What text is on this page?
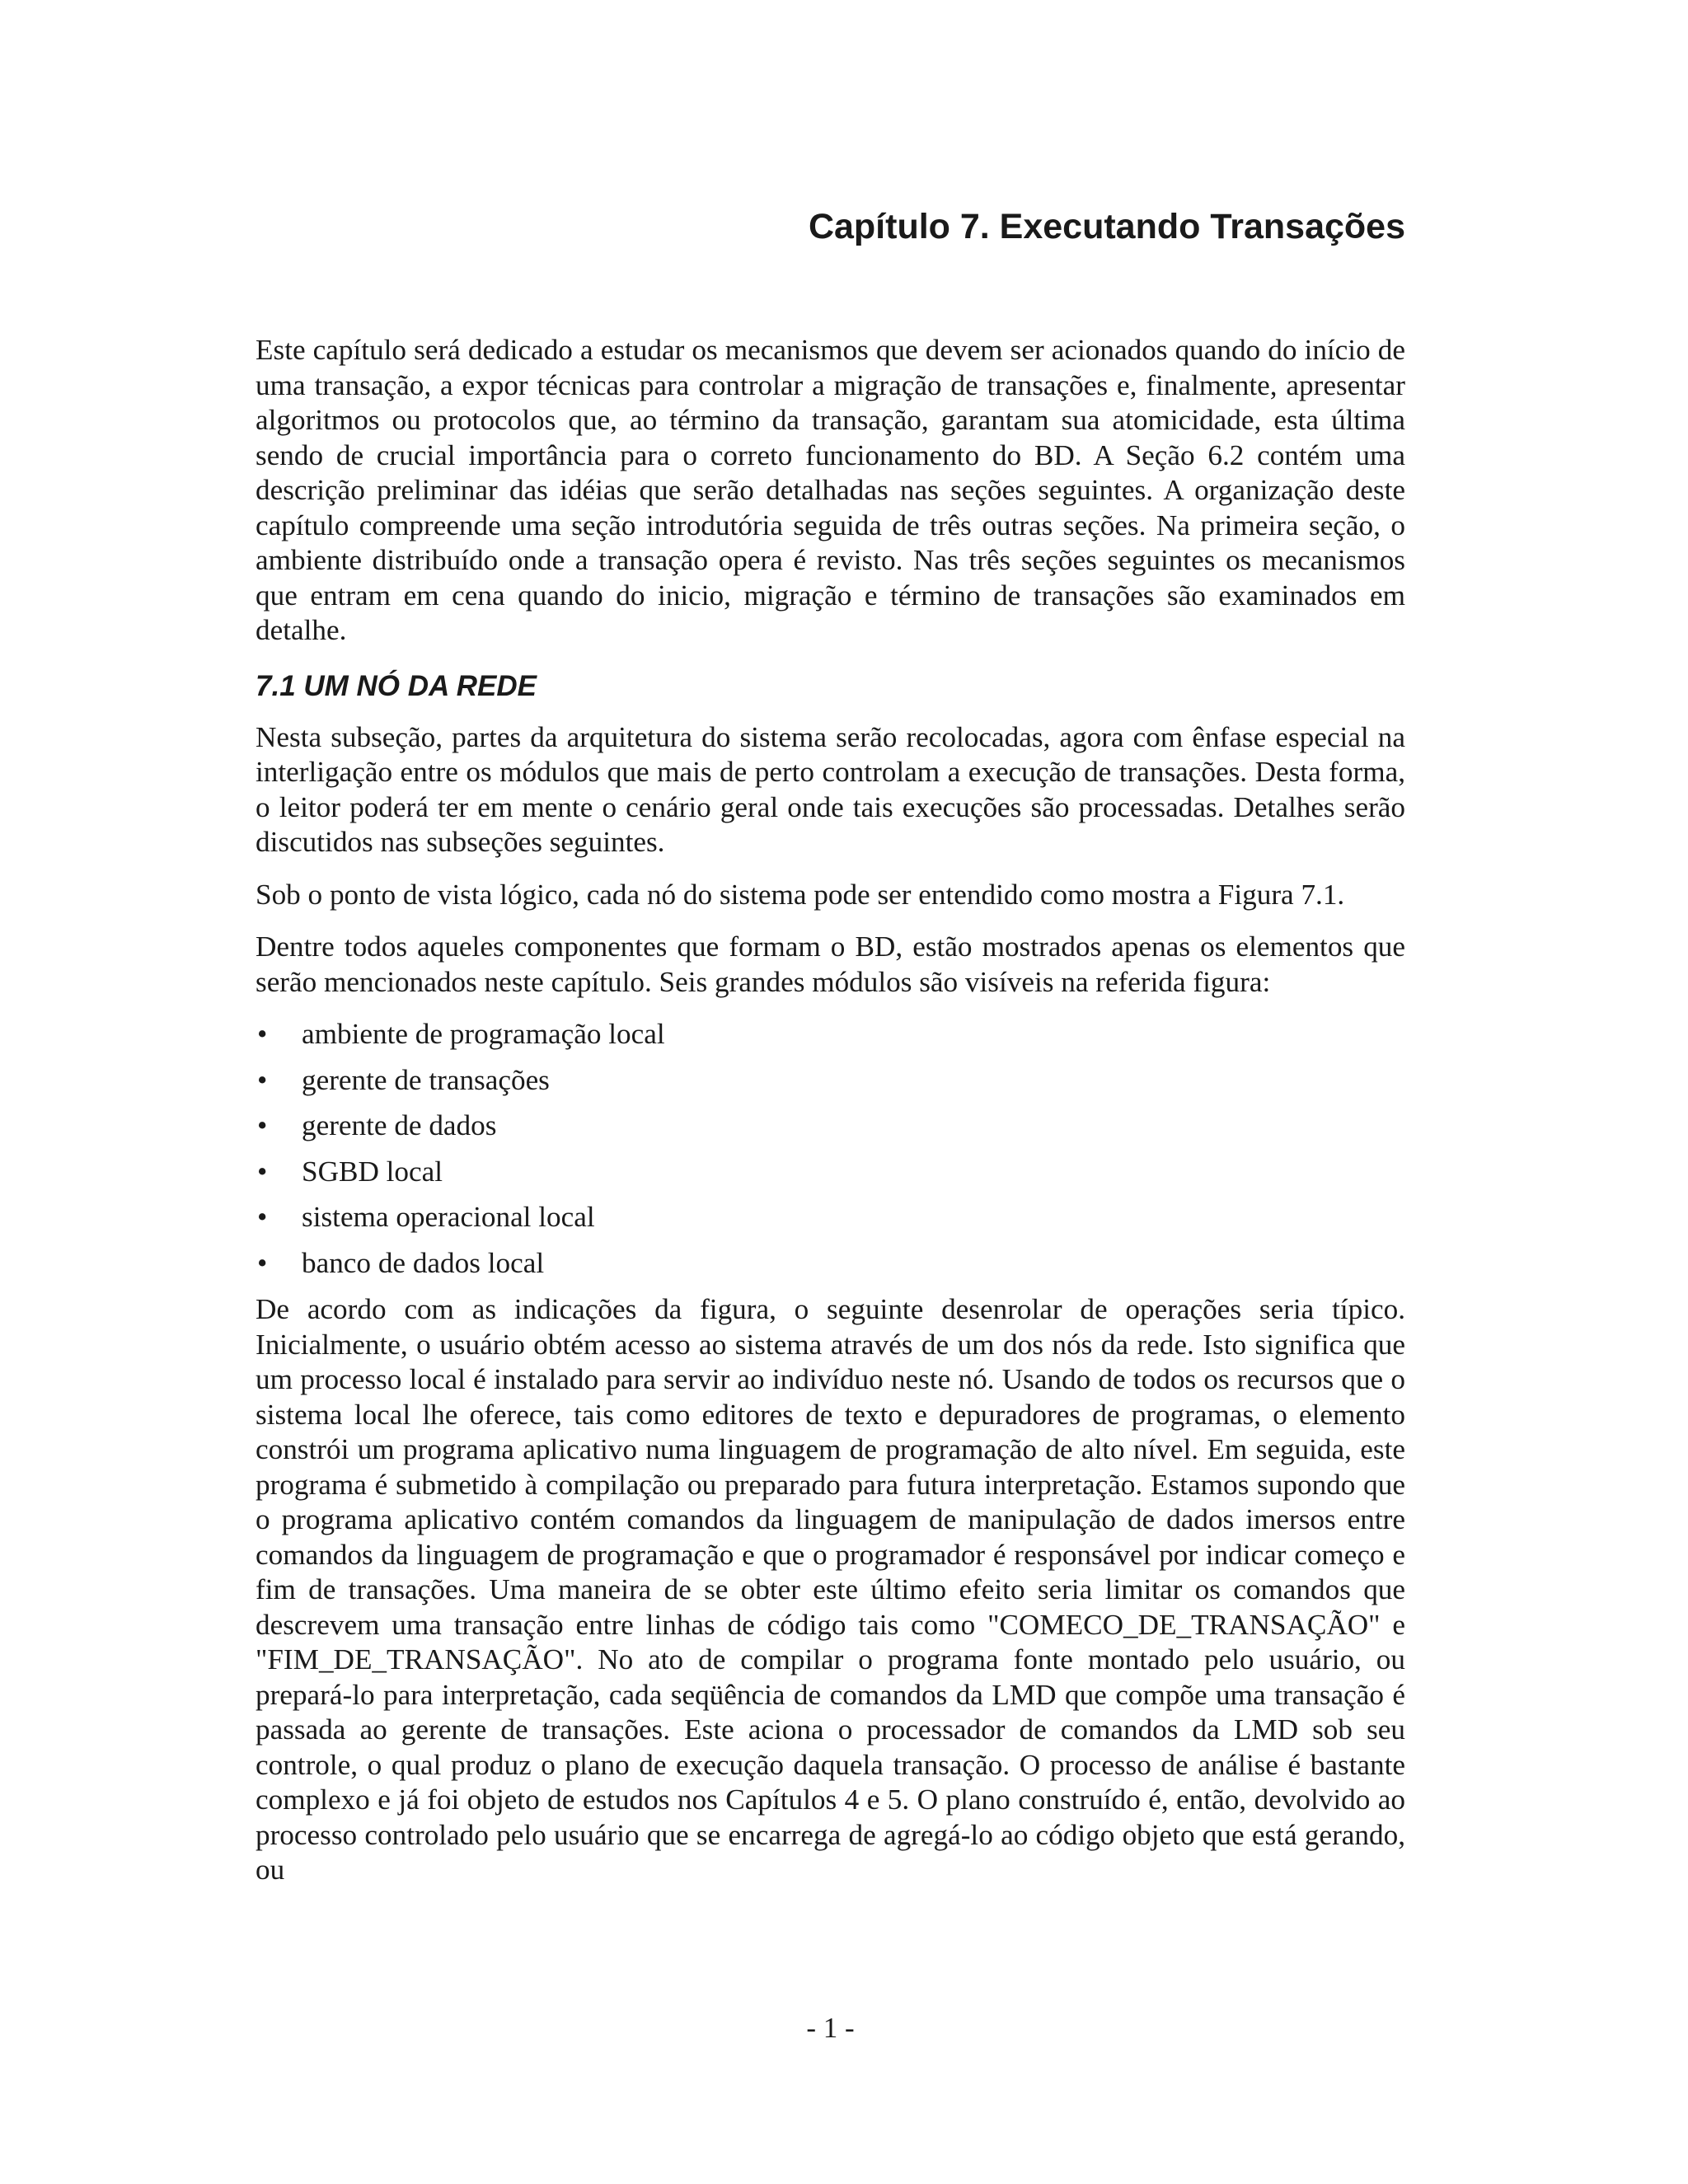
Capítulo 7. Executando Transações

Este capítulo será dedicado a estudar os mecanismos que devem ser acionados quando do início de uma transação, a expor técnicas para controlar a migração de transações e, finalmente, apresentar algoritmos ou protocolos que, ao término da transação, garantam sua atomicidade, esta última sendo de crucial importância para o correto funcionamento do BD. A Seção 6.2 contém uma descrição preliminar das idéias que serão detalhadas nas seções seguintes. A organização deste capítulo compreende uma seção introdutória seguida de três outras seções. Na primeira seção, o ambiente distribuído onde a transação opera é revisto. Nas três seções seguintes os mecanismos que entram em cena quando do inicio, migração e término de transações são examinados em detalhe.

7.1 UM NÓ DA REDE

Nesta subseção, partes da arquitetura do sistema serão recolocadas, agora com ênfase especial na interligação entre os módulos que mais de perto controlam a execução de transações. Desta forma, o leitor poderá ter em mente o cenário geral onde tais execuções são processadas. Detalhes serão discutidos nas subseções seguintes.

Sob o ponto de vista lógico, cada nó do sistema pode ser entendido como mostra a Figura 7.1.

Dentre todos aqueles componentes que formam o BD, estão mostrados apenas os elementos que serão mencionados neste capítulo. Seis grandes módulos são visíveis na referida figura:

• ambiente de programação local
• gerente de transações
• gerente de dados
• SGBD local
• sistema operacional local
• banco de dados local

De acordo com as indicações da figura, o seguinte desenrolar de operações seria típico. Inicialmente, o usuário obtém acesso ao sistema através de um dos nós da rede. Isto significa que um processo local é instalado para servir ao indivíduo neste nó. Usando de todos os recursos que o sistema local lhe oferece, tais como editores de texto e depuradores de programas, o elemento constrói um programa aplicativo numa linguagem de programação de alto nível. Em seguida, este programa é submetido à compilação ou preparado para futura interpretação. Estamos supondo que o programa aplicativo contém comandos da linguagem de manipulação de dados imersos entre comandos da linguagem de programação e que o programador é responsável por indicar começo e fim de transações. Uma maneira de se obter este último efeito seria limitar os comandos que descrevem uma transação entre linhas de código tais como "COMECO_DE_TRANSAÇÃO" e "FIM_DE_TRANSAÇÃO". No ato de compilar o programa fonte montado pelo usuário, ou prepará-lo para interpretação, cada seqüência de comandos da LMD que compõe uma transação é passada ao gerente de transações. Este aciona o processador de comandos da LMD sob seu controle, o qual produz o plano de execução daquela transação. O processo de análise é bastante complexo e já foi objeto de estudos nos Capítulos 4 e 5. O plano construído é, então, devolvido ao processo controlado pelo usuário que se encarrega de agregá-lo ao código objeto que está gerando, ou

- 1 -
